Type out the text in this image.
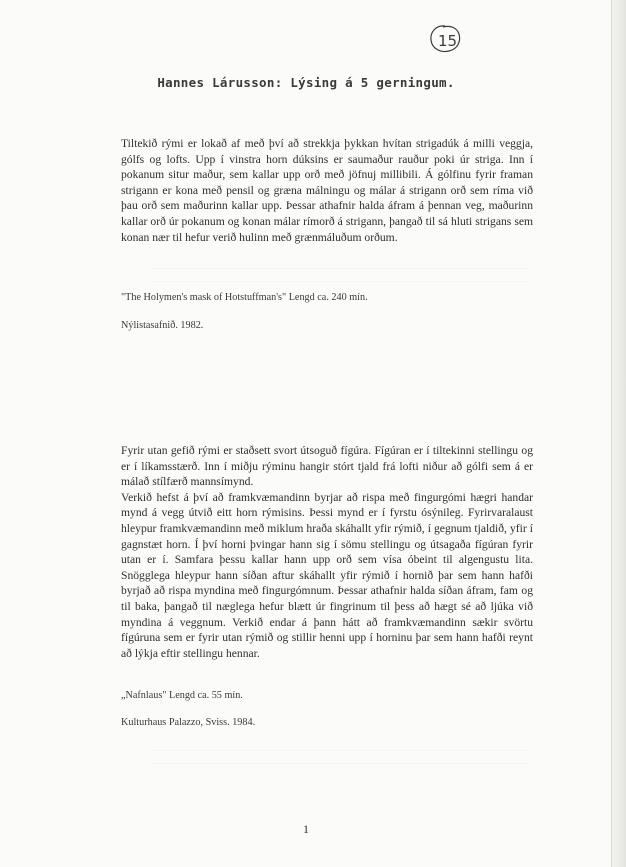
15
Hannes Lárusson: Lýsing á 5 gerningum.

Tiltekið rými er lokað af með því að strekkja þykkan hvítan strigadúk á milli veggja, gólfs og lofts. Upp í vinstra horn dúksins er saumaður rauður poki úr striga. Inn í pokanum situr maður, sem kallar upp orð með jöfnuj millibili. Á gólfinu fyrir framan strigann er kona með pensil og græna málningu og málar á strigann orð sem ríma við þau orð sem maðurinn kallar upp. Þessar athafnir halda áfram á þennan veg, maðurinn kallar orð úr pokanum og konan málar rímorð á strigann, þangað til sá hluti strigans sem konan nær til hefur verið hulinn með grænmáluðum orðum.

"The Holymen's mask of Hotstuffman's" Lengd ca. 240 mín.
Nýlistasafnið. 1982.

Fyrir utan gefið rými er staðsett svort útsoguð fígúra. Fígúran er í tiltekinni stellingu og er í líkamsstærð. Inn í miðju rýminu hangir stórt tjald frá lofti niður að gólfi sem á er málað stílfærð mannsímynd.

Verkið hefst á því að framkvæmandinn byrjar að rispa með fingurgómi hægri handar mynd á vegg útvið eitt horn rýmisins. Þessi mynd er í fyrstu ósýnileg. Fyrirvaralaust hleypur framkvæmandinn með miklum hraða skáhallt yfir rýmið, í gegnum tjaldið, yfir í gagnstæt horn. Í því horni þvingar hann sig í sömu stellingu og útsagaða fígúran fyrir utan er í. Samfara þessu kallar hann upp orð sem vísa óbeint til algengustu lita. Snögglega hleypur hann síðan aftur skáhallt yfir rýmið í hornið þar sem hann hafði byrjað að rispa myndina með fingurgómnum. Þessar athafnir halda síðan áfram, fam og til baka, þangað til næglega hefur blætt úr fingrinum til þess að hægt sé að ljúka við myndina á veggnum. Verkið endar á þann hátt að framkvæmandinn sækir svörtu fígúruna sem er fyrir utan rýmið og stillir henni upp í horninu þar sem hann hafði reynt að lýkja eftir stellingu hennar.

„Nafnlaus" Lengd ca. 55 mín.
Kulturhaus Palazzo, Sviss. 1984.
1
